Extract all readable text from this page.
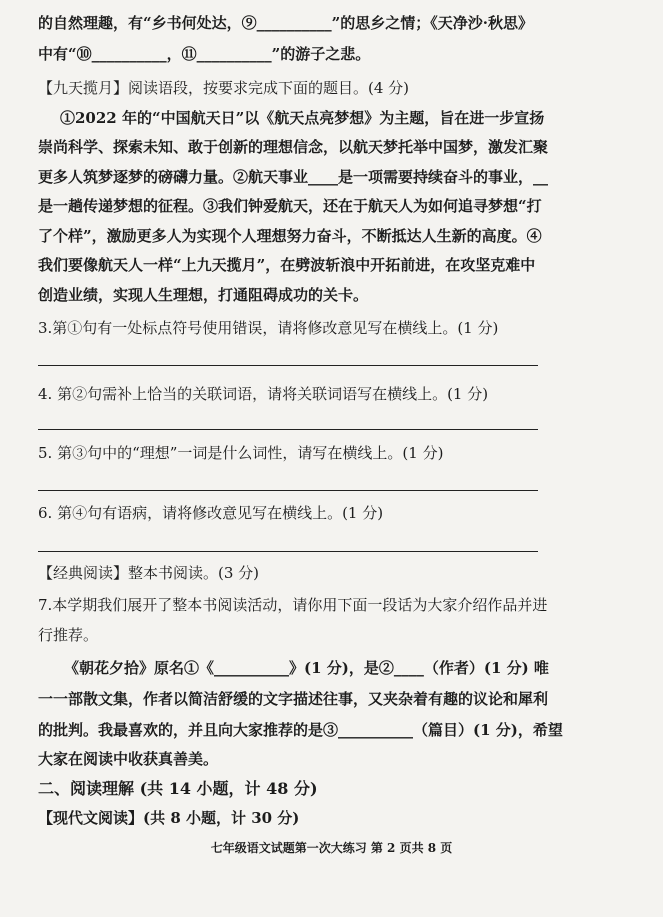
的自然理趣，有“乡书何处达，⑨__________”的思乡之情；《天净沙·秋思》
中有“⑩__________，⑪__________”的游子之悲。
【九天揽月】阅读语段，按要求完成下面的题目。(4 分)
①2022 年的“中国航天日”以《航天点亮梦想》为主题，旨在进一步宣扬
崇尚科学、探索未知、敢于创新的理想信念，以航天梦托举中国梦，激发汇聚
更多人筑梦逐梦的磅礴力量。②航天事业____是一项需要持续奋斗的事业，__
是一趟传递梦想的征程。③我们钟爱航天，还在于航天人为如何追寻梦想“打
了个样”，激励更多人为实现个人理想努力奋斗，不断抵达人生新的高度。④
我们要像航天人一样“上九天揽月”，在劈波斩浪中开拓前进，在攻坚克难中
创造业绩，实现人生理想，打通阻碍成功的关卡。
3.第①句有一处标点符号使用错误，请将修改意见写在横线上。(1 分)
4. 第②句需补上恰当的关联词语，请将关联词语写在横线上。(1 分)
5. 第③句中的“理想”一词是什么词性，请写在横线上。(1 分)
6. 第④句有语病，请将修改意见写在横线上。(1 分)
【经典阅读】整本书阅读。(3 分)
7.本学期我们展开了整本书阅读活动，请你用下面一段话为大家介绍作品并进
行推荐。
《朝花夕拾》原名①《__________》(1 分)，是②____（作者）(1 分) 唯
一一部散文集，作者以简洁舒缓的文字描述往事，又夹杂着有趣的议论和犀利
的批判。我最喜欢的，并且向大家推荐的是③__________（篇目）(1 分)，希望
大家在阅读中收获真善美。
二、阅读理解 (共 14 小题，计 48 分)
【现代文阅读】(共 8 小题，计 30 分)
七年级语文试题第一次大练习 第 2 页共 8 页
